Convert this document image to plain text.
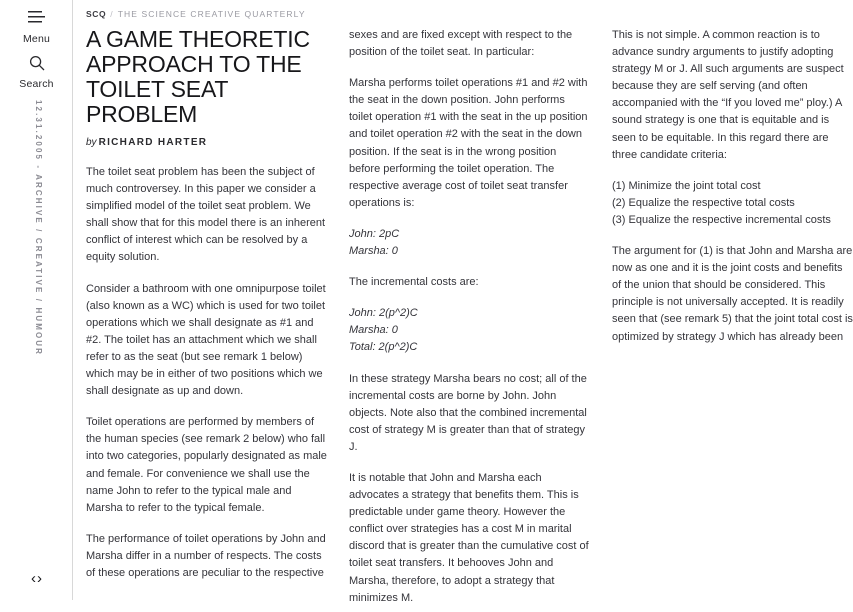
Menu
Search
12.31.2005 - ARCHIVE / CREATIVE / HUMOUR
‹›
SCQ / THE SCIENCE CREATIVE QUARTERLY
A GAME THEORETIC APPROACH TO THE TOILET SEAT PROBLEM

by RICHARD HARTER

The toilet seat problem has been the subject of much controversey. In this paper we consider a simplified model of the toilet seat problem. We shall show that for this model there is an inherent conflict of interest which can be resolved by a equity solution.

Consider a bathroom with one omnipurpose toilet (also known as a WC) which is used for two toilet operations which we shall designate as #1 and #2. The toilet has an attachment which we shall refer to as the seat (but see remark 1 below) which may be in either of two positions which we shall designate as up and down.

Toilet operations are performed by members of the human species (see remark 2 below) who fall into two categories, popularly designated as male and female. For convenience we shall use the name John to refer to the typical male and Marsha to refer to the typical female.

The performance of toilet operations by John and Marsha differ in a number of respects. The costs of these operations are peculiar to the respective sexes and are fixed except with respect to the position of the toilet seat. In particular:

Marsha performs toilet operations #1 and #2 with the seat in the down position. John performs toilet operation #1 with the seat in the up position and toilet operation #2 with the seat in the down position. If the seat is in the wrong position before performing the toilet operation. The respective average cost of toilet seat transfer operations is:

John: 2pC
Marsha: 0

The incremental costs are:

John: 2(p^2)C
Marsha: 0
Total: 2(p^2)C

In these strategy Marsha bears no cost; all of the incremental costs are borne by John. John objects. Note also that the combined incremental cost of strategy M is greater than that of strategy J.

It is notable that John and Marsha each advocates a strategy that benefits them. This is predictable under game theory. However the conflict over strategies has a cost M in marital discord that is greater than the cumulative cost of toilet seat transfers. It behooves John and Marsha, therefore, to adopt a strategy that minimizes M.

This is not simple. A common reaction is to advance sundry arguments to justify adopting strategy M or J. All such arguments are suspect because they are self serving (and often accompanied with the “If you loved me” ploy.) A sound strategy is one that is equitable and is seen to be equitable. In this regard there are three candidate criteria:

(1) Minimize the joint total cost
(2) Equalize the respective total costs
(3) Equalize the respective incremental costs

The argument for (1) is that John and Marsha are now as one and it is the joint costs and benefits of the union that should be considered. This principle is not universally accepted. It is readily seen that (see remark 5) that the joint total cost is optimized by strategy J which has already been
